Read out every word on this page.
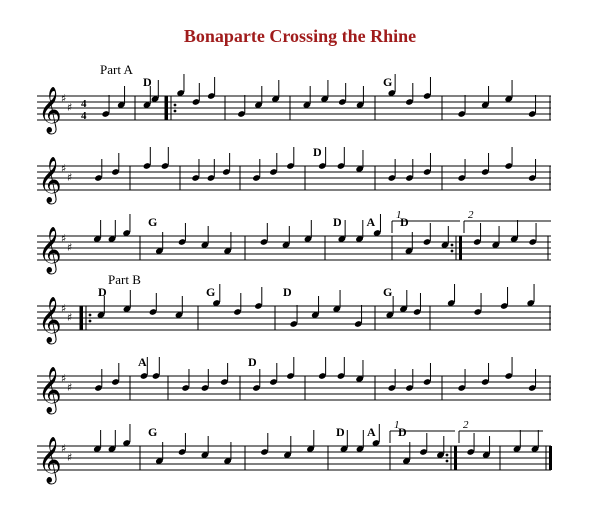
Bonaparte Crossing the Rhine
𝄞 ♯
♯ 4
4
D	G
𝄞 ♯
♯
D
𝄞 ♯
♯
G	D A D
1	2
𝄞 ♯
♯
D	G	D	G
𝄞 ♯
♯
A	D
𝄞 ♯
♯
G	D A D
1	2
Part A
Part B
